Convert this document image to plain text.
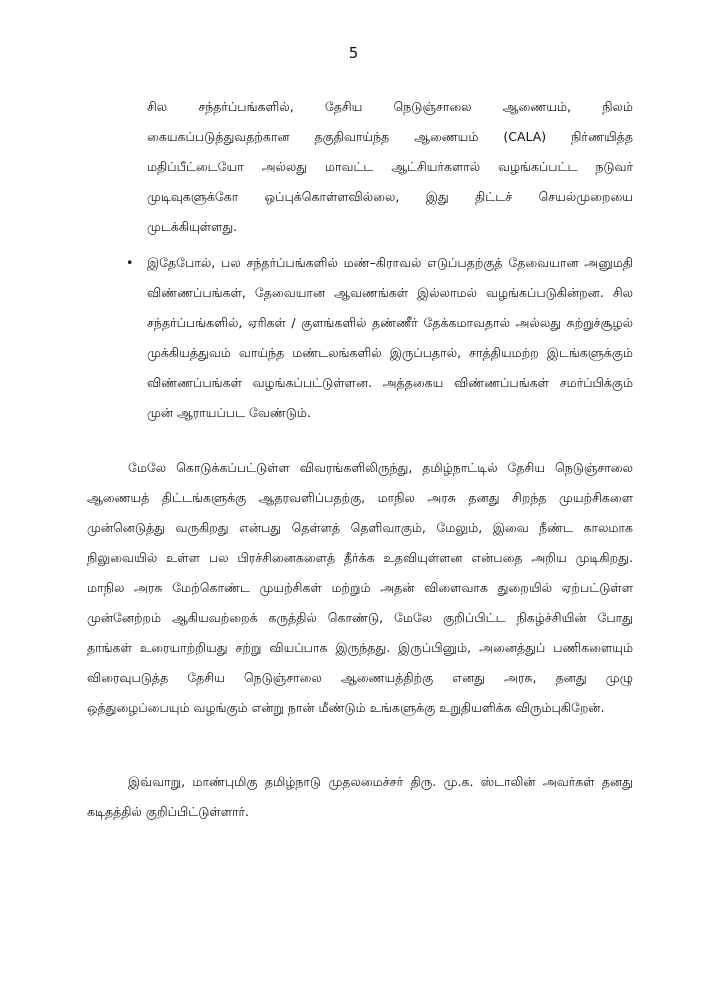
5

சில சந்தர்ப்பங்களில், தேசிய நெடுஞ்சாலை ஆணையம், நிலம் கையகப்படுத்துவதற்கான தகுதிவாய்ந்த ஆணையம் (CALA) நிர்ணயித்த மதிப்பீட்டையோ அல்லது மாவட்ட ஆட்சியர்களால் வழங்கப்பட்ட நடுவர் முடிவுகளுக்கோ ஒப்புக்கொள்ளவில்லை, இது திட்டச் செயல்முறையை முடக்கியுள்ளது.

• இதேபோல், பல சந்தர்ப்பங்களில் மண்–கிராவல் எடுப்பதற்குத் தேவையான அனுமதி விண்ணப்பங்கள், தேவையான ஆவணங்கள் இல்லாமல் வழங்கப்படுகின்றன. சில சந்தர்ப்பங்களில், ஏரிகள் / குளங்களில் தண்ணீர் தேக்கமாவதால் அல்லது சுற்றுச்சூழல் முக்கியத்துவம் வாய்ந்த மண்டலங்களில் இருப்பதால், சாத்தியமற்ற இடங்களுக்கும் விண்ணப்பங்கள் வழங்கப்பட்டுள்ளன. அத்தகைய விண்ணப்பங்கள் சமர்ப்பிக்கும் முன் ஆராயப்பட வேண்டும்.

மேலே கொடுக்கப்பட்டுள்ள விவரங்களிலிருந்து, தமிழ்நாட்டில் தேசிய நெடுஞ்சாலை ஆணையத் திட்டங்களுக்கு ஆதரவளிப்பதற்கு, மாநில அரசு தனது சிறந்த முயற்சிகளை முன்னெடுத்து வருகிறது என்பது தெள்ளத் தெளிவாகும், மேலும், இவை நீண்ட காலமாக நிலுவையில் உள்ள பல பிரச்சினைகளைத் தீர்க்க உதவியுள்ளன என்பதை அறிய முடிகிறது. மாநில அரசு மேற்கொண்ட முயற்சிகள் மற்றும் அதன் விளைவாக துறையில் ஏற்பட்டுள்ள முன்னேற்றம் ஆகியவற்றைக் கருத்தில் கொண்டு, மேலே குறிப்பிட்ட நிகழ்ச்சியின் போது தாங்கள் உரையாற்றியது சற்று வியப்பாக இருந்தது. இருப்பினும், அனைத்துப் பணிகளையும் விரைவுபடுத்த தேசிய நெடுஞ்சாலை ஆணையத்திற்கு எனது அரசு, தனது முழு ஒத்துழைப்பையும் வழங்கும் என்று நான் மீண்டும் உங்களுக்கு உறுதியளிக்க விரும்புகிறேன்.

இவ்வாறு, மாண்புமிகு தமிழ்நாடு முதலமைச்சர் திரு. மு.க. ஸ்டாலின் அவர்கள் தனது கடிதத்தில் குறிப்பிட்டுள்ளார்.
